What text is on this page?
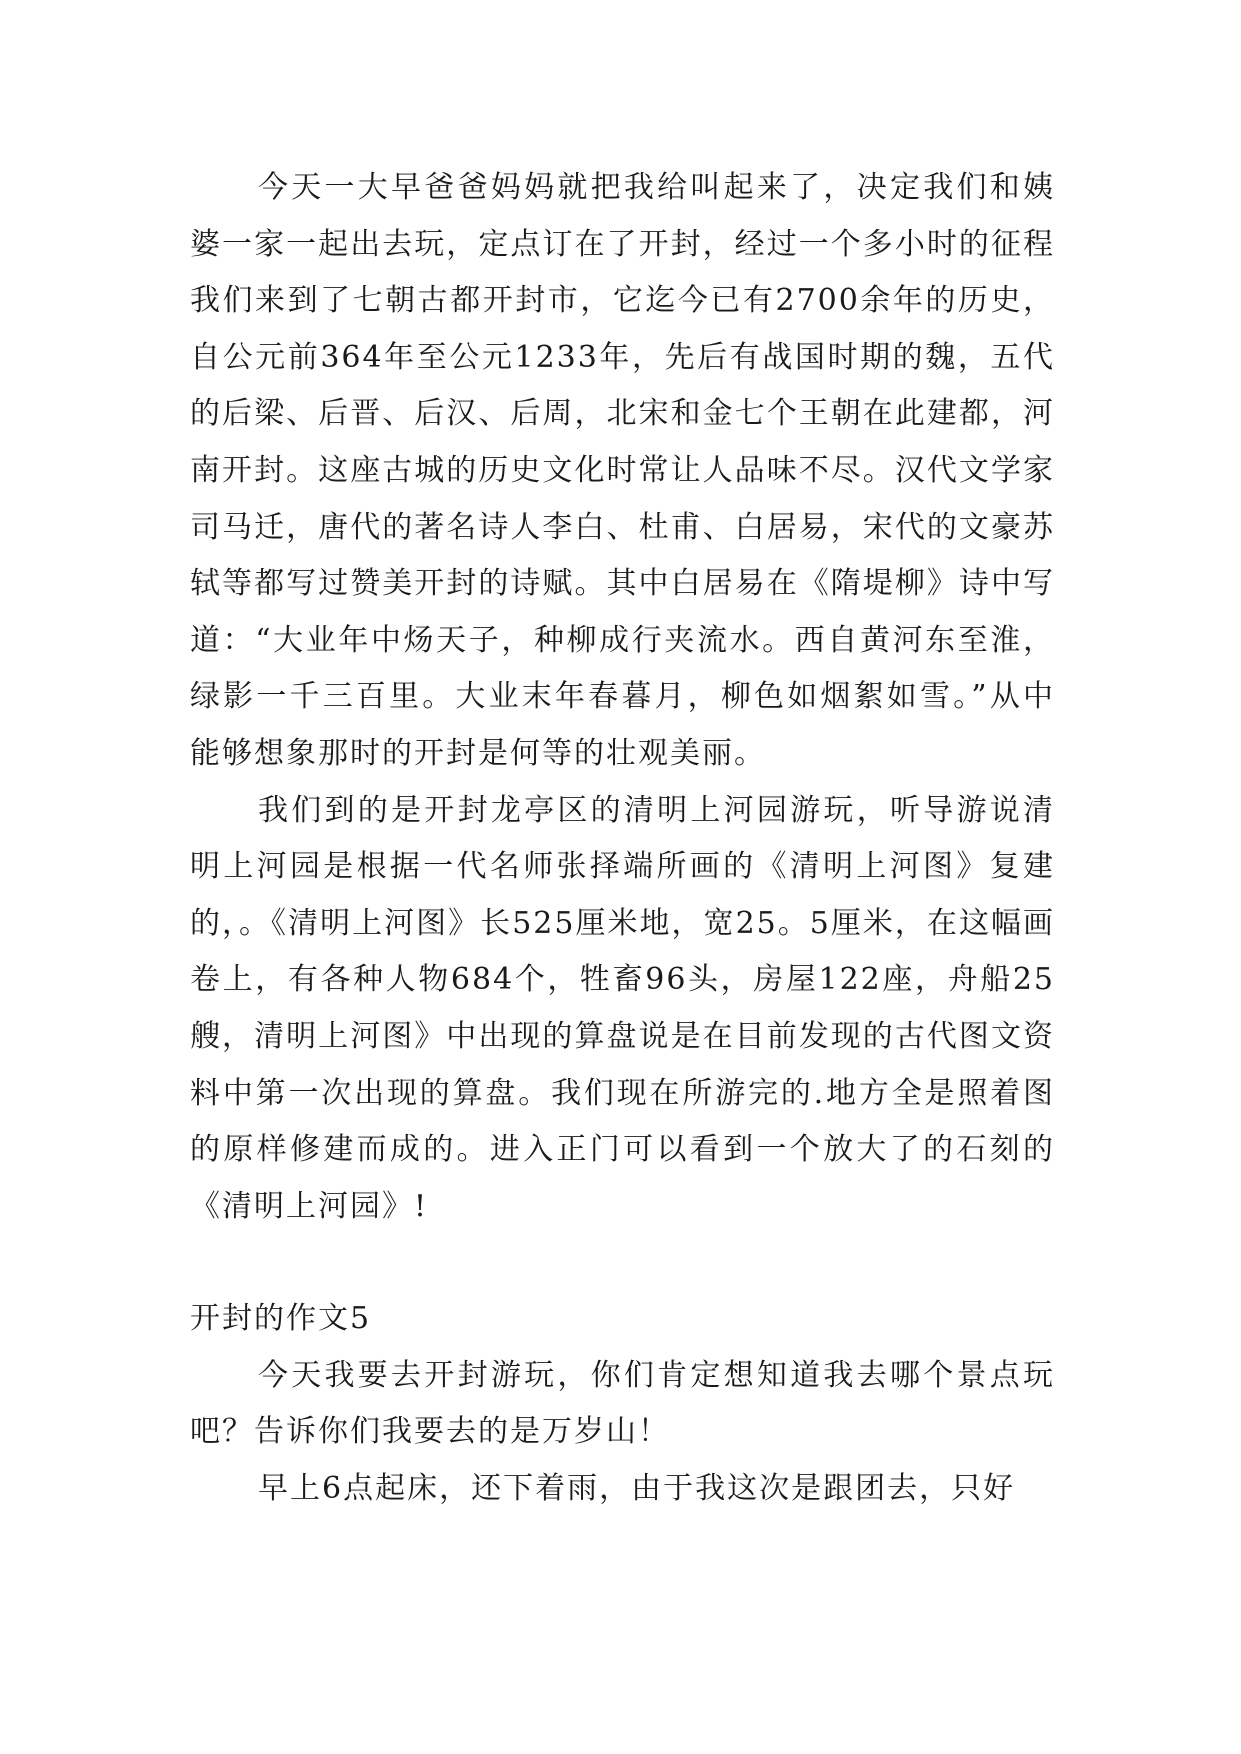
今天一大早爸爸妈妈就把我给叫起来了，决定我们和姨婆一家一起出去玩，定点订在了开封，经过一个多小时的征程我们来到了七朝古都开封市，它迄今已有2700余年的历史，自公元前364年至公元1233年，先后有战国时期的魏，五代的后梁、后晋、后汉、后周，北宋和金七个王朝在此建都，河南开封。这座古城的历史文化时常让人品味不尽。汉代文学家司马迁，唐代的著名诗人李白、杜甫、白居易，宋代的文豪苏轼等都写过赞美开封的诗赋。其中白居易在《隋堤柳》诗中写道：“大业年中炀天子，种柳成行夹流水。西自黄河东至淮，绿影一千三百里。大业末年春暮月，柳色如烟絮如雪。”从中能够想象那时的开封是何等的壮观美丽。

我们到的是开封龙亭区的清明上河园游玩，听导游说清明上河园是根据一代名师张择端所画的《清明上河图》复建的，。《清明上河图》长525厘米地，宽25。5厘米，在这幅画卷上，有各种人物684个，牲畜96头，房屋122座，舟船25艘，清明上河图》中出现的算盘说是在目前发现的古代图文资料中第一次出现的算盘。我们现在所游完的.地方全是照着图的原样修建而成的。进入正门可以看到一个放大了的石刻的《清明上河园》!

开封的作文5

今天我要去开封游玩，你们肯定想知道我去哪个景点玩吧？告诉你们我要去的是万岁山！

早上6点起床，还下着雨，由于我这次是跟团去，只好
